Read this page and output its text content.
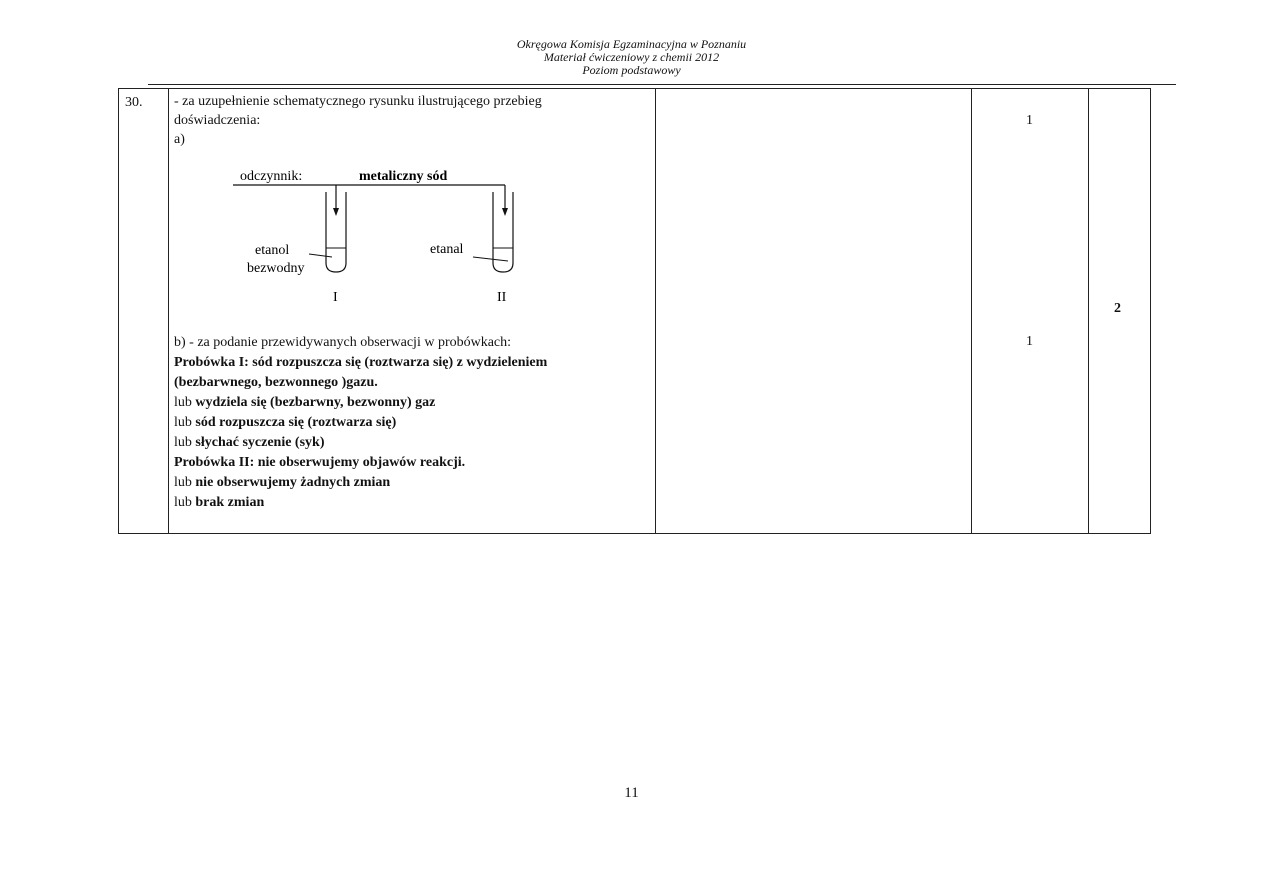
Okręgowa Komisja Egzaminacyjna w Poznaniu
Materiał ćwiczeniowy z chemii 2012
Poziom podstawowy
30. - za uzupełnienie schematycznego rysunku ilustrującego przebieg
doświadczenia:
a)
odczynnik:	metaliczny sód
etanol
bezwodny
etanal
I	II
b) - za podanie przewidywanych obserwacji w probówkach:
Probówka I: sód rozpuszcza się (roztwarza się) z wydzieleniem
(bezbarwnego, bezwonnego )gazu.
lub wydziela się (bezbarwny, bezwonny) gaz
lub sód rozpuszcza się (roztwarza się)
lub słychać syczenie (syk)
Probówka II: nie obserwujemy objawów reakcji.
lub nie obserwujemy żadnych zmian
lub brak zmian
1
1
2
11
